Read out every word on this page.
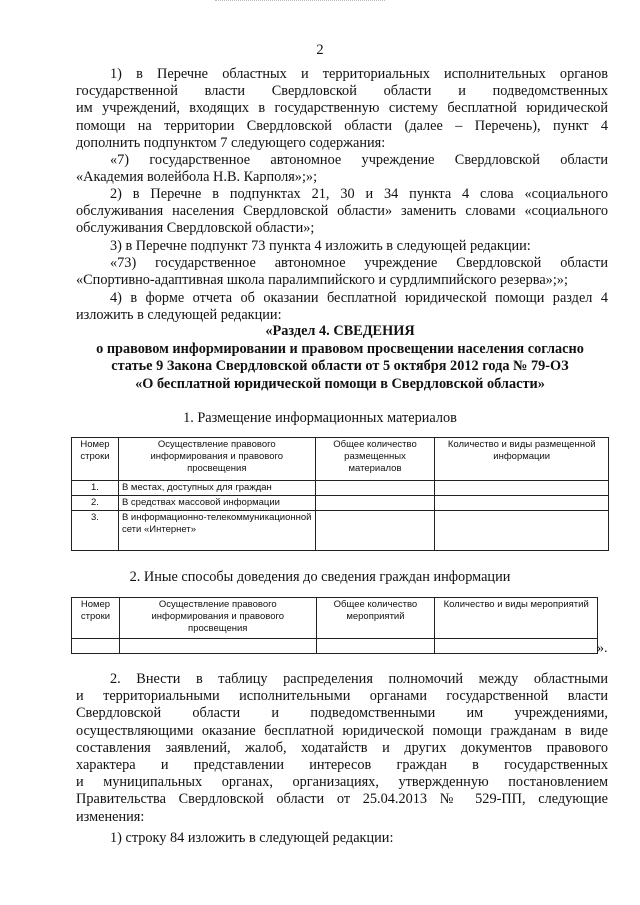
2
1) в Перечне областных и территориальных исполнительных органов
государственной власти Свердловской области и подведомственных
им учреждений, входящих в государственную систему бесплатной юридической
помощи на территории Свердловской области (далее – Перечень), пункт 4
дополнить подпунктом 7 следующего содержания:
«7) государственное автономное учреждение Свердловской области
«Академия волейбола Н.В. Карполя»;»;
2) в Перечне в подпунктах 21, 30 и 34 пункта 4 слова «социального
обслуживания населения Свердловской области» заменить словами «социального
обслуживания Свердловской области»;
3) в Перечне подпункт 73 пункта 4 изложить в следующей редакции:
«73) государственное автономное учреждение Свердловской области
«Спортивно-адаптивная школа паралимпийского и сурдлимпийского резерва»;»;
4) в форме отчета об оказании бесплатной юридической помощи раздел 4
изложить в следующей редакции:
«Раздел 4. СВЕДЕНИЯ
о правовом информировании и правовом просвещении населения согласно
статье 9 Закона Свердловской области от 5 октября 2012 года № 79-ОЗ
«О бесплатной юридической помощи в Свердловской области»
1. Размещение информационных материалов
Номер строки	Осуществление правового информирования и правового просвещения	Общее количество размещенных материалов	Количество и виды размещенной информации
1.	В местах, доступных для граждан		
2.	В средствах массовой информации		
3.	В информационно-телекоммуникационной сети «Интернет»		
2. Иные способы доведения до сведения граждан информации
Номер строки	Осуществление правового информирования и правового просвещения	Общее количество мероприятий	Количество и виды мероприятий

».
2. Внести в таблицу распределения полномочий между областными
и территориальными исполнительными органами государственной власти
Свердловской области и подведомственными им учреждениями,
осуществляющими оказание бесплатной юридической помощи гражданам в виде
составления заявлений, жалоб, ходатайств и других документов правового
характера и представлении интересов граждан в государственных
и муниципальных органах, организациях, утвержденную постановлением
Правительства Свердловской области от 25.04.2013 № 529-ПП, следующие
изменения:
1) строку 84 изложить в следующей редакции:
